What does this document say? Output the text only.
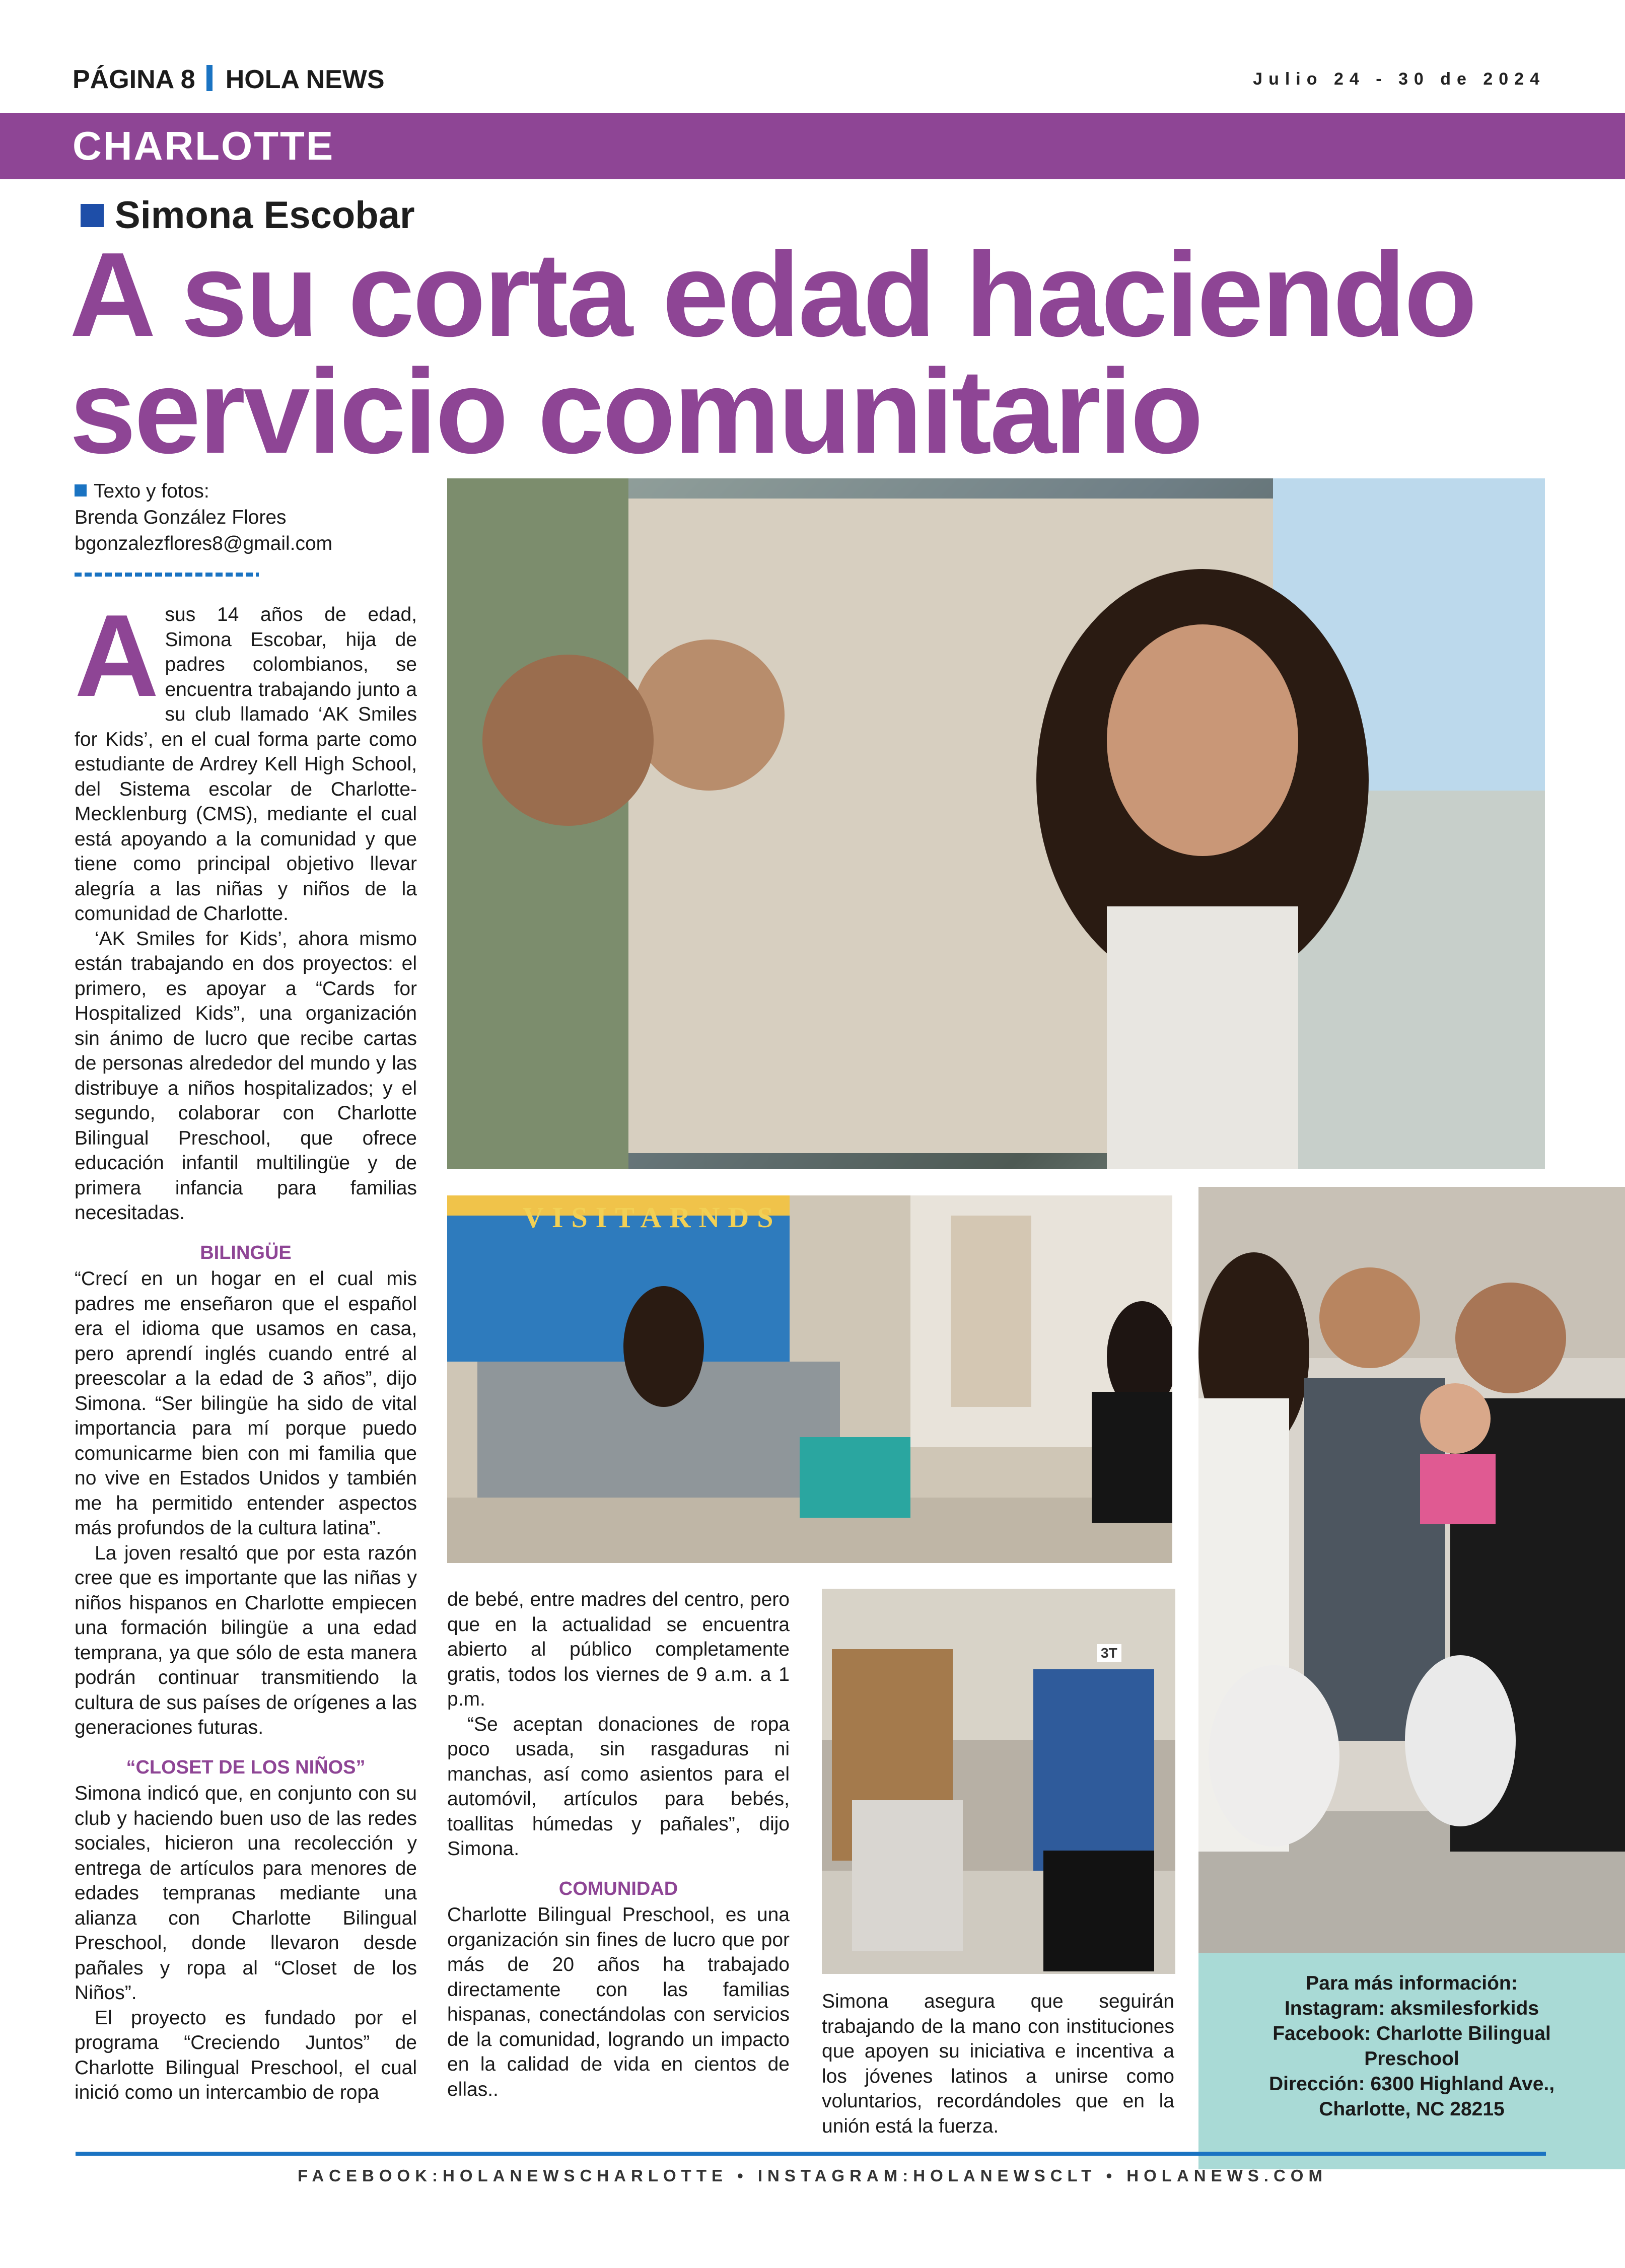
PÁGINA 8 HOLA NEWS	Julio 24 - 30 de 2024
CHARLOTTE
Simona Escobar
A su corta edad haciendo
servicio comunitario
Texto y fotos:
Brenda González Flores
bgonzalezflores8@gmail.com
A sus 14 años de edad, Simona Escobar, hija de padres colombianos, se encuentra trabajando junto a su club llamado ‘AK Smiles for Kids’, en el cual forma parte como estudiante de Ardrey Kell High School, del Sistema escolar de Charlotte-Mecklenburg (CMS), mediante el cual está apoyando a la comunidad y que tiene como principal objetivo llevar alegría a las niñas y niños de la comunidad de Charlotte.

‘AK Smiles for Kids’, ahora mismo están trabajando en dos proyectos: el primero, es apoyar a “Cards for Hospitalized Kids”, una organización sin ánimo de lucro que recibe cartas de personas alrededor del mundo y las distribuye a niños hospitalizados; y el segundo, colaborar con Charlotte Bilingual Preschool, que ofrece educación infantil multilingüe y de primera infancia para familias necesitadas.

BILINGÜE

“Crecí en un hogar en el cual mis padres me enseñaron que el español era el idioma que usamos en casa, pero aprendí inglés cuando entré al preescolar a la edad de 3 años”, dijo Simona. “Ser bilingüe ha sido de vital importancia para mí porque puedo comunicarme bien con mi familia que no vive en Estados Unidos y también me ha permitido entender aspectos más profundos de la cultura latina”.

La joven resaltó que por esta razón cree que es importante que las niñas y niños hispanos en Charlotte empiecen una formación bilingüe a una edad temprana, ya que sólo de esta manera podrán continuar transmitiendo la cultura de sus países de orígenes a las generaciones futuras.

“CLOSET DE LOS NIÑOS”

Simona indicó que, en conjunto con su club y haciendo buen uso de las redes sociales, hicieron una recolección y entrega de artículos para menores de edades tempranas mediante una alianza con Charlotte Bilingual Preschool, donde llevaron desde pañales y ropa al “Closet de los Niños”.

El proyecto es fundado por el programa “Creciendo Juntos” de Charlotte Bilingual Preschool, el cual inició como un intercambio de ropa

de bebé, entre madres del centro, pero que en la actualidad se encuentra abierto al público completamente gratis, todos los viernes de 9 a.m. a 1 p.m.

“Se aceptan donaciones de ropa poco usada, sin rasgaduras ni manchas, así como asientos para el automóvil, artículos para bebés, toallitas húmedas y pañales”, dijo Simona.

COMUNIDAD

Charlotte Bilingual Preschool, es una organización sin fines de lucro que por más de 20 años ha trabajado directamente con las familias hispanas, conectándolas con servicios de la comunidad, logrando un impacto en la calidad de vida en cientos de ellas..

Simona asegura que seguirán trabajando de la mano con instituciones que apoyen su iniciativa e incentiva a los jóvenes latinos a unirse como voluntarios, recordándoles que en la unión está la fuerza.

VISITARNDS
3T
Para más información:
Instagram: aksmilesforkids
Facebook: Charlotte Bilingual
Preschool
Dirección: 6300 Highland Ave.,
Charlotte, NC 28215
FACEBOOK:HOLANEWSCHARLOTTE • INSTAGRAM:HOLANEWSCLT • HOLANEWS.COM
